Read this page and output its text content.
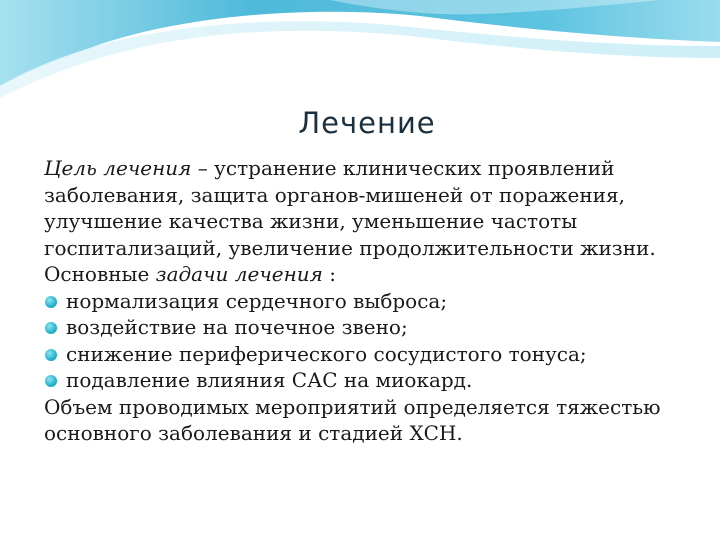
Лечение

Цель лечения – устранение клинических проявлений заболевания, защита органов-мишеней от поражения, улучшение качества жизни, уменьшение частоты госпитализаций, увеличение продолжительности жизни.

Основные задачи лечения :

нормализация сердечного выброса;
воздействие на почечное звено;
снижение периферического сосудистого тонуса;
подавление влияния САС на миокард.

Объем проводимых мероприятий определяется тяжестью основного заболевания и стадией ХСН.
